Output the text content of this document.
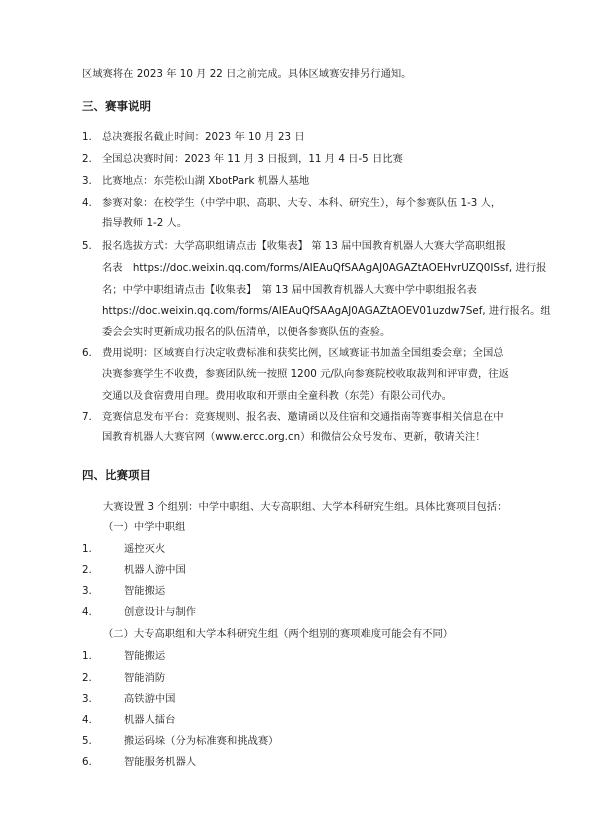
区域赛将在 2023 年 10 月 22 日之前完成。具体区域赛安排另行通知。
三、赛事说明
1. 总决赛报名截止时间：2023 年 10 月 23 日
2. 全国总决赛时间：2023 年 11 月 3 日报到，11 月 4 日-5 日比赛
3. 比赛地点：东莞松山湖 XbotPark 机器人基地
4. 参赛对象：在校学生（中学中职、高职、大专、本科、研究生），每个参赛队伍 1-3 人，
指导教师 1-2 人。
5. 报名选拔方式：大学高职组请点击【收集表】 第 13 届中国教育机器人大赛大学高职组报
名表　https://doc.weixin.qq.com/forms/AIEAuQfSAAgAJ0AGAZtAOEHvrUZQ0ISsf, 进行报
名；中学中职组请点击【收集表】　第 13 届中国教育机器人大赛中学中职组报名表
https://doc.weixin.qq.com/forms/AIEAuQfSAAgAJ0AGAZtAOEV01uzdw7Sef, 进行报名。组
委会会实时更新成功报名的队伍清单，以便各参赛队伍的查验。
6. 费用说明：区域赛自行决定收费标准和获奖比例，区域赛证书加盖全国组委会章；全国总
决赛参赛学生不收费，参赛团队统一按照 1200 元/队向参赛院校收取裁判和评审费，往返
交通以及食宿费用自理。费用收取和开票由全童科教（东莞）有限公司代办。
7. 竞赛信息发布平台：竞赛规则、报名表、邀请函以及住宿和交通指南等赛事相关信息在中
国教育机器人大赛官网（www.ercc.org.cn）和微信公众号发布、更新，敬请关注！
四、比赛项目
大赛设置 3 个组别：中学中职组、大专高职组、大学本科研究生组。具体比赛项目包括：
（一）中学中职组
1.	遥控灭火
2.	机器人游中国
3.	智能搬运
4.	创意设计与制作
（二）大专高职组和大学本科研究生组（两个组别的赛项难度可能会有不同）
1.	智能搬运
2.	智能消防
3.	高铁游中国
4.	机器人擂台
5.	搬运码垛（分为标准赛和挑战赛）
6.	智能服务机器人
